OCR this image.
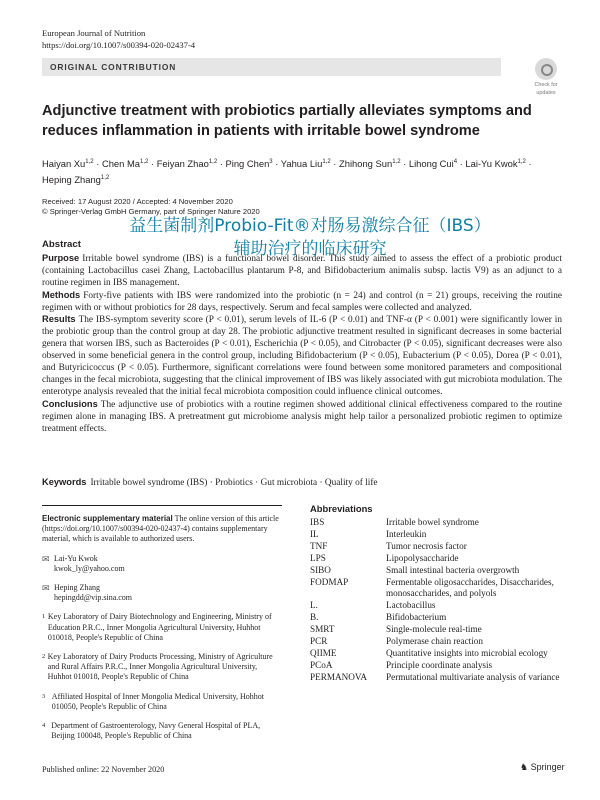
European Journal of Nutrition
https://doi.org/10.1007/s00394-020-02437-4
ORIGINAL CONTRIBUTION
Check for
updates
Adjunctive treatment with probiotics partially alleviates symptoms and reduces inflammation in patients with irritable bowel syndrome
Haiyan Xu$^{1,2}$ · Chen Ma$^{1,2}$ · Feiyan Zhao$^{1,2}$ · Ping Chen$^3$ · Yahua Liu$^{1,2}$ · Zhihong Sun$^{1,2}$ · Lihong Cui$^4$ · Lai-Yu Kwok$^{1,2}$ · Heping Zhang$^{1,2}$
Received: 17 August 2020 / Accepted: 4 November 2020
© Springer-Verlag GmbH Germany, part of Springer Nature 2020
益生菌制剂Probio-Fit®对肠易激综合征（IBS）
辅助治疗的临床研究
Abstract

Purpose Irritable bowel syndrome (IBS) is a functional bowel disorder. This study aimed to assess the effect of a probiotic product (containing Lactobacillus casei Zhang, Lactobacillus plantarum P-8, and Bifidobacterium animalis subsp. lactis V9) as an adjunct to a routine regimen in IBS management.

Methods Forty-five patients with IBS were randomized into the probiotic (n = 24) and control (n = 21) groups, receiving the routine regimen with or without probiotics for 28 days, respectively. Serum and fecal samples were collected and analyzed.

Results The IBS-symptom severity score (P < 0.01), serum levels of IL-6 (P < 0.01) and TNF-α (P < 0.001) were significantly lower in the probiotic group than the control group at day 28. The probiotic adjunctive treatment resulted in significant decreases in some bacterial genera that worsen IBS, such as Bacteroides (P < 0.01), Escherichia (P < 0.05), and Citrobacter (P < 0.05), significant decreases were also observed in some beneficial genera in the control group, including Bifidobacterium (P < 0.05), Eubacterium (P < 0.05), Dorea (P < 0.01), and Butyricicoccus (P < 0.05). Furthermore, significant correlations were found between some monitored parameters and compositional changes in the fecal microbiota, suggesting that the clinical improvement of IBS was likely associated with gut microbiota modulation. The enterotype analysis revealed that the initial fecal microbiota composition could influence clinical outcomes.

Conclusions The adjunctive use of probiotics with a routine regimen showed additional clinical effectiveness compared to the routine regimen alone in managing IBS. A pretreatment gut microbiome analysis might help tailor a personalized probiotic regimen to optimize treatment effects.

Keywords Irritable bowel syndrome (IBS) · Probiotics · Gut microbiota · Quality of life
Electronic supplementary material The online version of this article (https://doi.org/10.1007/s00394-020-02437-4) contains supplementary material, which is available to authorized users.
✉ Lai-Yu Kwok
kwok_ly@yahoo.com
✉ Heping Zhang
hepingdd@vip.sina.com
1 Key Laboratory of Dairy Biotechnology and Engineering, Ministry of Education P.R.C., Inner Mongolia Agricultural University, Huhhot 010018, People's Republic of China
2 Key Laboratory of Dairy Products Processing, Ministry of Agriculture and Rural Affairs P.R.C., Inner Mongolia Agricultural University, Huhhot 010018, People's Republic of China
3 Affiliated Hospital of Inner Mongolia Medical University, Hohhot 010050, People's Republic of China
4 Department of Gastroenterology, Navy General Hospital of PLA, Beijing 100048, People's Republic of China
Abbreviations
IBS	Irritable bowel syndrome
IL	Interleukin
TNF	Tumor necrosis factor
LPS	Lipopolysaccharide
SIBO	Small intestinal bacteria overgrowth
FODMAP	Fermentable oligosaccharides, Disaccharides, monosaccharides, and polyols
L.	Lactobacillus
B.	Bifidobacterium
SMRT	Single-molecule real-time
PCR	Polymerase chain reaction
QIIME	Quantitative insights into microbial ecology
PCoA	Principle coordinate analysis
PERMANOVA	Permutational multivariate analysis of variance
Published online: 22 November 2020	♞ Springer
